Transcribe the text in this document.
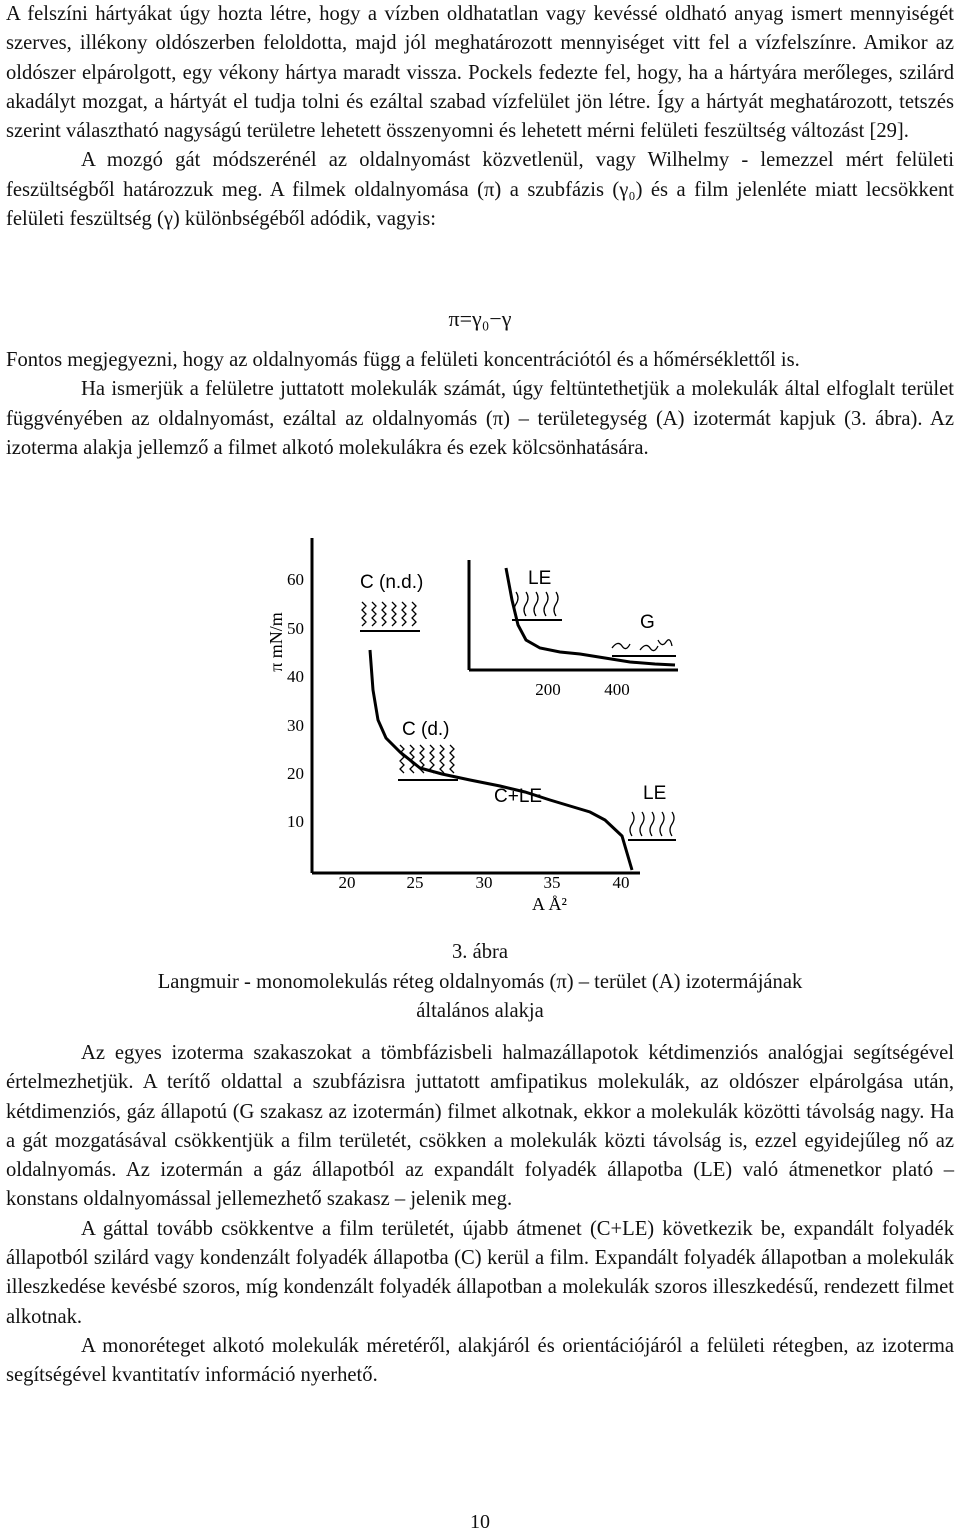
A felszíni hártyákat úgy hozta létre, hogy a vízben oldhatatlan vagy kevéssé oldható anyag ismert mennyiségét szerves, illékony oldószerben feloldotta, majd jól meghatározott mennyiséget vitt fel a vízfelszínre. Amikor az oldószer elpárolgott, egy vékony hártya maradt vissza. Pockels fedezte fel, hogy, ha a hártyára merőleges, szilárd akadályt mozgat, a hártyát el tudja tolni és ezáltal szabad vízfelület jön létre. Így a hártyát meghatározott, tetszés szerint választható nagyságú területre lehetett összenyomni és lehetett mérni felületi feszültség változást [29].

A mozgó gát módszerénél az oldalnyomást közvetlenül, vagy Wilhelmy - lemezzel mért felületi feszültségből határozzuk meg. A filmek oldalnyomása (π) a szubfázis (γ₀) és a film jelenléte miatt lecsökkent felületi feszültség (γ) különbségéből adódik, vagyis:

π=γ₀−γ

Fontos megjegyezni, hogy az oldalnyomás függ a felületi koncentrációtól és a hőmérséklettől is.

Ha ismerjük a felületre juttatott molekulák számát, úgy feltüntethetjük a molekulák által elfoglalt terület függvényében az oldalnyomást, ezáltal az oldalnyomás (π) – területegység (A) izotermát kapjuk (3. ábra). Az izoterma alakja jellemző a filmet alkotó molekulákra és ezek kölcsönhatására.

60
50
40
30
20
10
π mN/m
20	25	30	35	40
A Å²
200	400
C (n.d.)	LE
G
C (d.)
C+LE	LE
3. ábra
Langmuir - monomolekulás réteg oldalnyomás (π) – terület (A) izotermájának
általános alakja

Az egyes izoterma szakaszokat a tömbfázisbeli halmazállapotok kétdimenziós analógjai segítségével értelmezhetjük. A terítő oldattal a szubfázisra juttatott amfipatikus molekulák, az oldószer elpárolgása után, kétdimenziós, gáz állapotú (G szakasz az izotermán) filmet alkotnak, ekkor a molekulák közötti távolság nagy. Ha a gát mozgatásával csökkentjük a film területét, csökken a molekulák közti távolság is, ezzel egyidejűleg nő az oldalnyomás. Az izotermán a gáz állapotból az expandált folyadék állapotba (LE) való átmenetkor plató – konstans oldalnyomással jellemezhető szakasz – jelenik meg.

A gáttal tovább csökkentve a film területét, újabb átmenet (C+LE) következik be, expandált folyadék állapotból szilárd vagy kondenzált folyadék állapotba (C) kerül a film. Expandált folyadék állapotban a molekulák illeszkedése kevésbé szoros, míg kondenzált folyadék állapotban a molekulák szoros illeszkedésű, rendezett filmet alkotnak.

A monoréteget alkotó molekulák méretéről, alakjáról és orientációjáról a felületi rétegben, az izoterma segítségével kvantitatív információ nyerhető.

10
